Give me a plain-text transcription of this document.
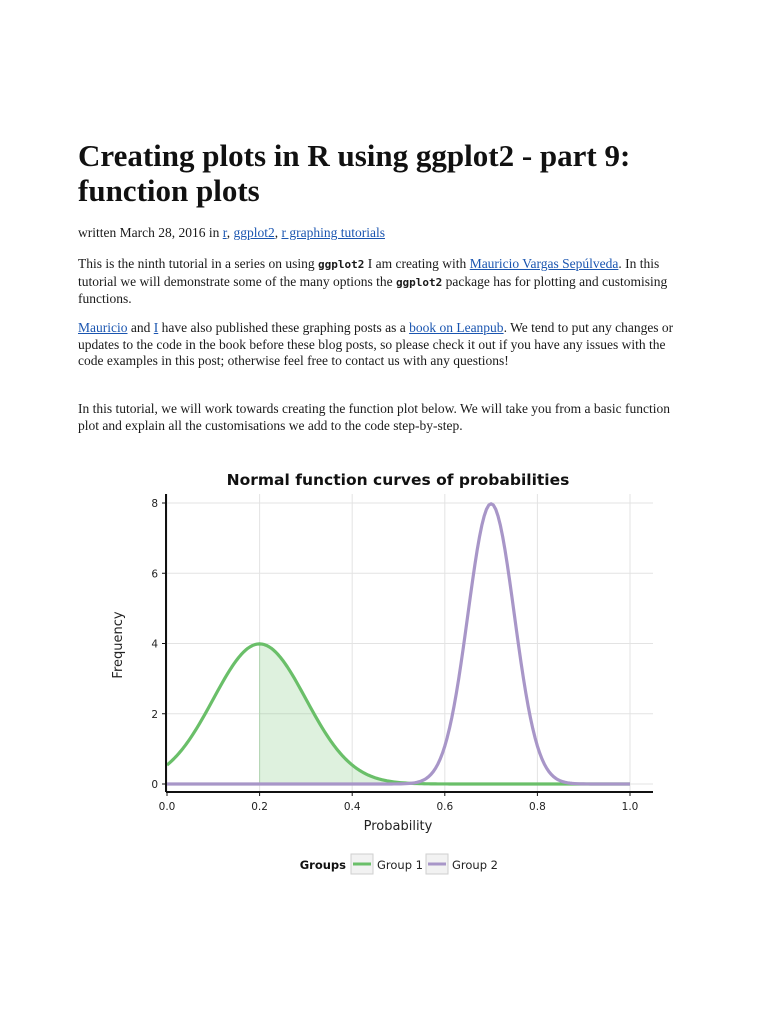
Creating plots in R using ggplot2 - part 9: function plots
written March 28, 2016 in r, ggplot2, r graphing tutorials

This is the ninth tutorial in a series on using ggplot2 I am creating with Mauricio Vargas Sepúlveda. In this tutorial we will demonstrate some of the many options the ggplot2 package has for plotting and customising functions.

Mauricio and I have also published these graphing posts as a book on Leanpub. We tend to put any changes or updates to the code in the book before these blog posts, so please check it out if you have any issues with the code examples in this post; otherwise feel free to contact us with any questions!

In this tutorial, we will work towards creating the function plot below. We will take you from a basic function plot and explain all the customisations we add to the code step-by-step.

Normal function curves of probabilities
0.0	0.2	0.4	0.6	0.8	1.0
0
2
4
6
8
Probability
Frequency
Groups	Group 1	Group 2
